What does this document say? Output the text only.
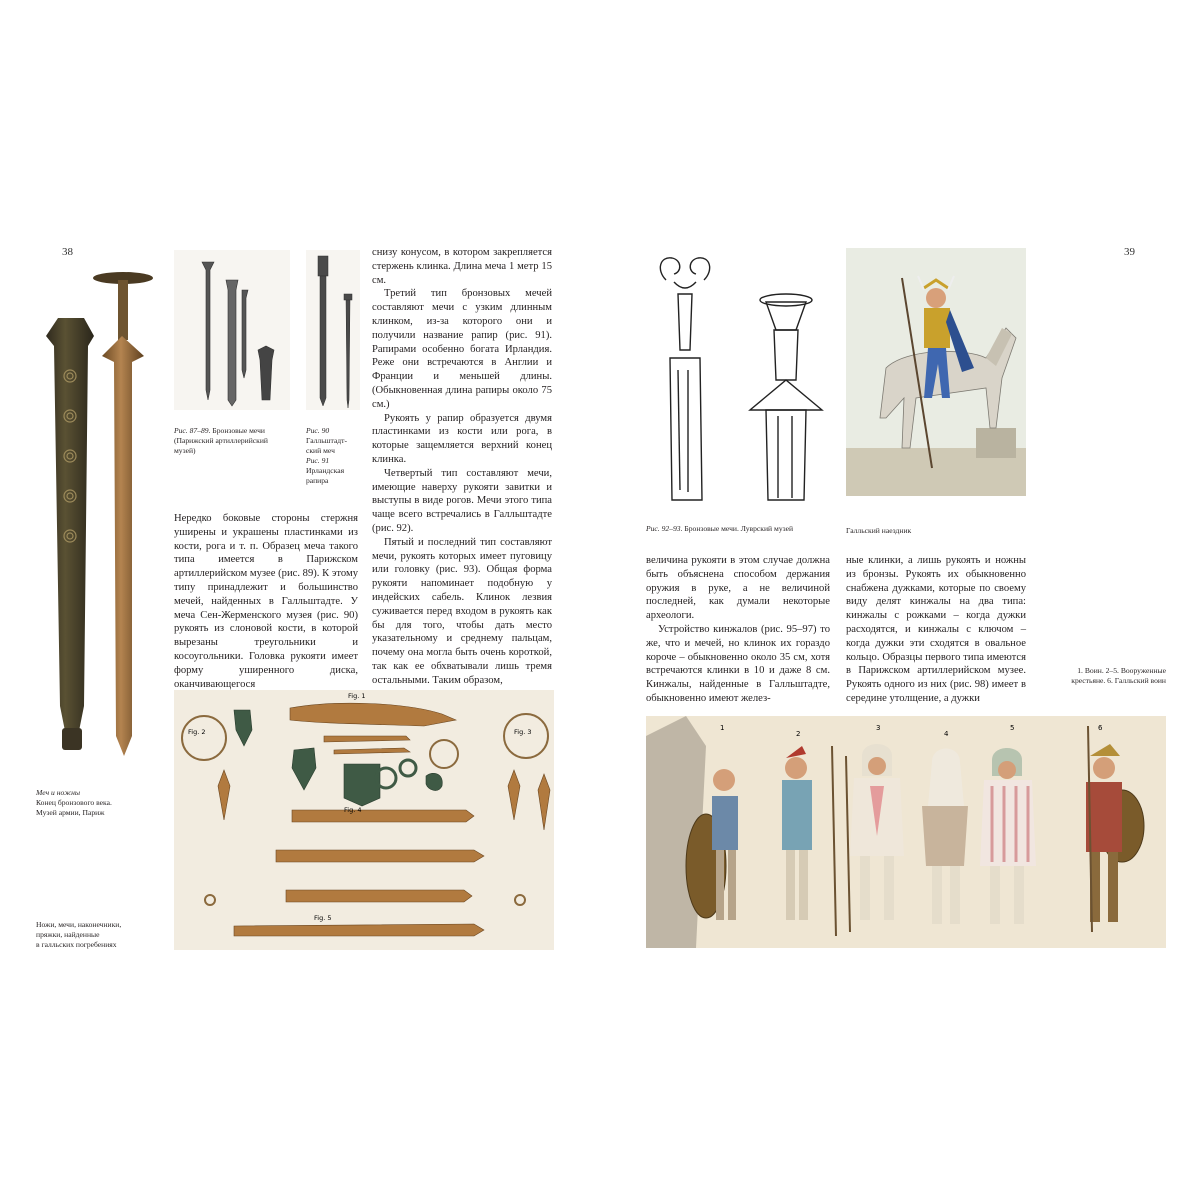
38
Меч и ножны
Конец бронзового века.
Музей армии, Париж
Рис. 87–89. Бронзовые мечи
(Парижский артиллерийский
музей)
Рис. 90
Галльштадт-
ский меч
Рис. 91
Ирландская
рапира

Нередко боковые стороны стержня уширены и украшены пластинками из кости, рога и т. п. Образец меча такого типа имеется в Парижском артиллерийском музее (рис. 89). К этому типу принадлежит и большинство мечей, найденных в Галльштадте. У меча Сен-Жерменского музея (рис. 90) рукоять из слоновой кости, в которой вырезаны треугольники и косоугольники. Головка рукояти имеет форму уширенного диска, оканчивающегося

снизу конусом, в котором закрепляется стержень клинка. Длина меча 1 метр 15 см.

Третий тип бронзовых мечей составляют мечи с узким длинным клинком, из-за которого они и получили название рапир (рис. 91). Рапирами особенно богата Ирландия. Реже они встречаются в Англии и Франции и меньшей длины. (Обыкновенная длина рапиры около 75 см.)

Рукоять у рапир образуется двумя пластинками из кости или рога, в которые защемляется верхний конец клинка.

Четвертый тип составляют мечи, имеющие наверху рукояти завитки и выступы в виде рогов. Мечи этого типа чаще всего встречались в Галльштадте (рис. 92).

Пятый и последний тип составляют мечи, рукоять которых имеет пуговицу или головку (рис. 93). Общая форма рукояти напоминает подобную у индейских сабель. Клинок лезвия суживается перед входом в рукоять как бы для того, чтобы дать место указательному и среднему пальцам, почему она могла быть очень короткой, так как ее обхватывали лишь тремя остальными. Таким образом,

Fig. 1
Fig. 2	Fig. 3
Fig. 4
Fig. 5
Ножи, мечи, наконечники,
пряжки, найденные
в галльских погребениях
39
Рис. 92–93. Бронзовые мечи. Луврский музей	Галльский наездник

величина рукояти в этом случае должна быть объяснена способом держания оружия в руке, а не величиной последней, как думали некоторые археологи.

Устройство кинжалов (рис. 95–97) то же, что и мечей, но клинок их гораздо короче – обыкновенно около 35 см, хотя встречаются клинки в 10 и даже 8 см. Кинжалы, найденные в Галльштадте, обыкновенно имеют желез-

ные клинки, а лишь рукоять и ножны из бронзы. Рукоять их обыкновенно снабжена дужками, которые по своему виду делят кинжалы на два типа: кинжалы с рожками – когда дужки расходятся, и кинжалы с ключом – когда дужки эти сходятся в овальное кольцо. Образцы первого типа имеются в Парижском артиллерийском музее. Рукоять одного из них (рис. 98) имеет в середине утолщение, а дужки

1. Воин. 2–5. Вооруженные
крестьяне. 6. Галльский воин
1
2
3
4
5	6
